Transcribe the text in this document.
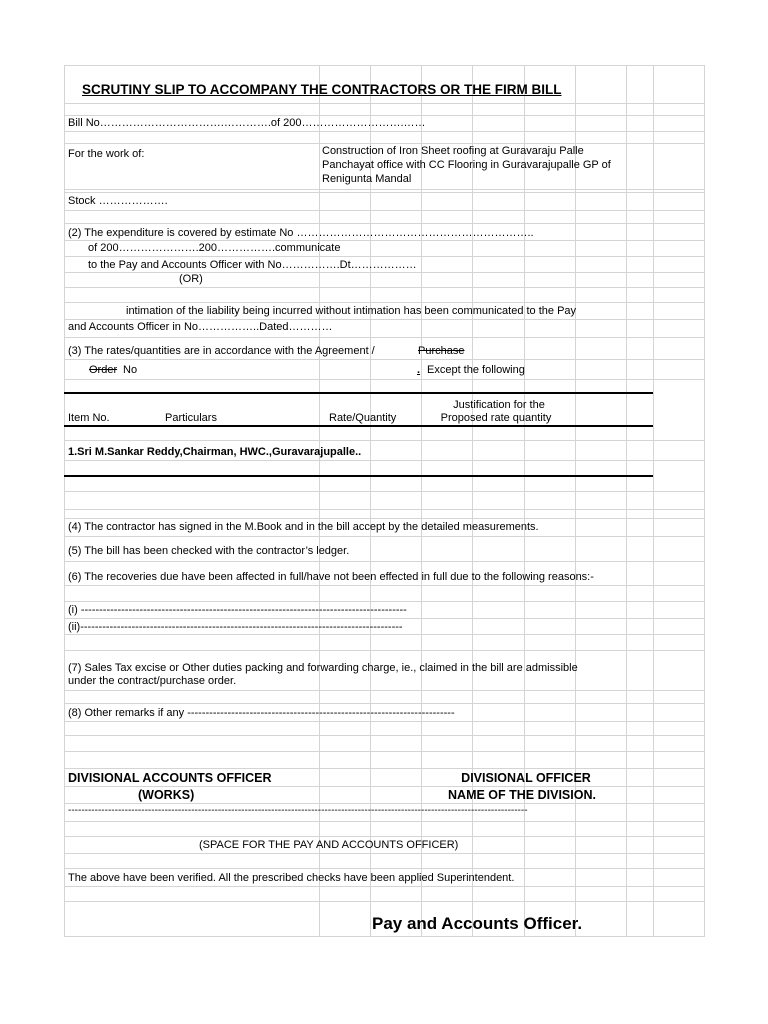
SCRUTINY SLIP TO ACCOMPANY THE CONTRACTORS OR THE FIRM BILL
Bill No…………………………….………….of 200……………………….……
For the work of:	Construction of Iron Sheet roofing at Guravaraju Palle
Panchayat office with CC Flooring in Guravarajupalle GP of
Renigunta Mandal
Stock ……………….
(2) The expenditure is covered by estimate No ………………………………………………………..
of 200………………….200…………….communicate
to the Pay and Accounts Officer with No…………….Dt………………
(OR)
intimation of the liability being incurred without intimation has been communicated to the Pay
and Accounts Officer in No……………..Dated…………
(3) The rates/quantities are in accordance with the Agreement /	Purchase
Order No	. Except the following
Item No.	Particulars	Rate/Quantity
Justification for the
Proposed rate quantity
1.Sri M.Sankar Reddy,Chairman, HWC.,Guravarajupalle..
(4) The contractor has signed in the M.Book and in the bill accept by the detailed measurements.
(5) The bill has been checked with the contractor’s ledger.
(6) The recoveries due have been affected in full/have not been effected in full due to the following reasons:-
(i) -----------------------------------------------------------------------------------------
(ii)----------------------------------------------------------------------------------------
(7) Sales Tax excise or Other duties packing and forwarding charge, ie., claimed in the bill are admissible
under the contract/purchase order.
(8) Other remarks if any -------------------------------------------------------------------------
DIVISIONAL ACCOUNTS OFFICER
(WORKS)
DIVISIONAL OFFICER
NAME OF THE DIVISION.
------------------------------------------------------------------------------------------------------------------------------------------
(SPACE FOR THE PAY AND ACCOUNTS OFFICER)
The above have been verified. All the prescribed checks have been applied Superintendent.
Pay and Accounts Officer.
